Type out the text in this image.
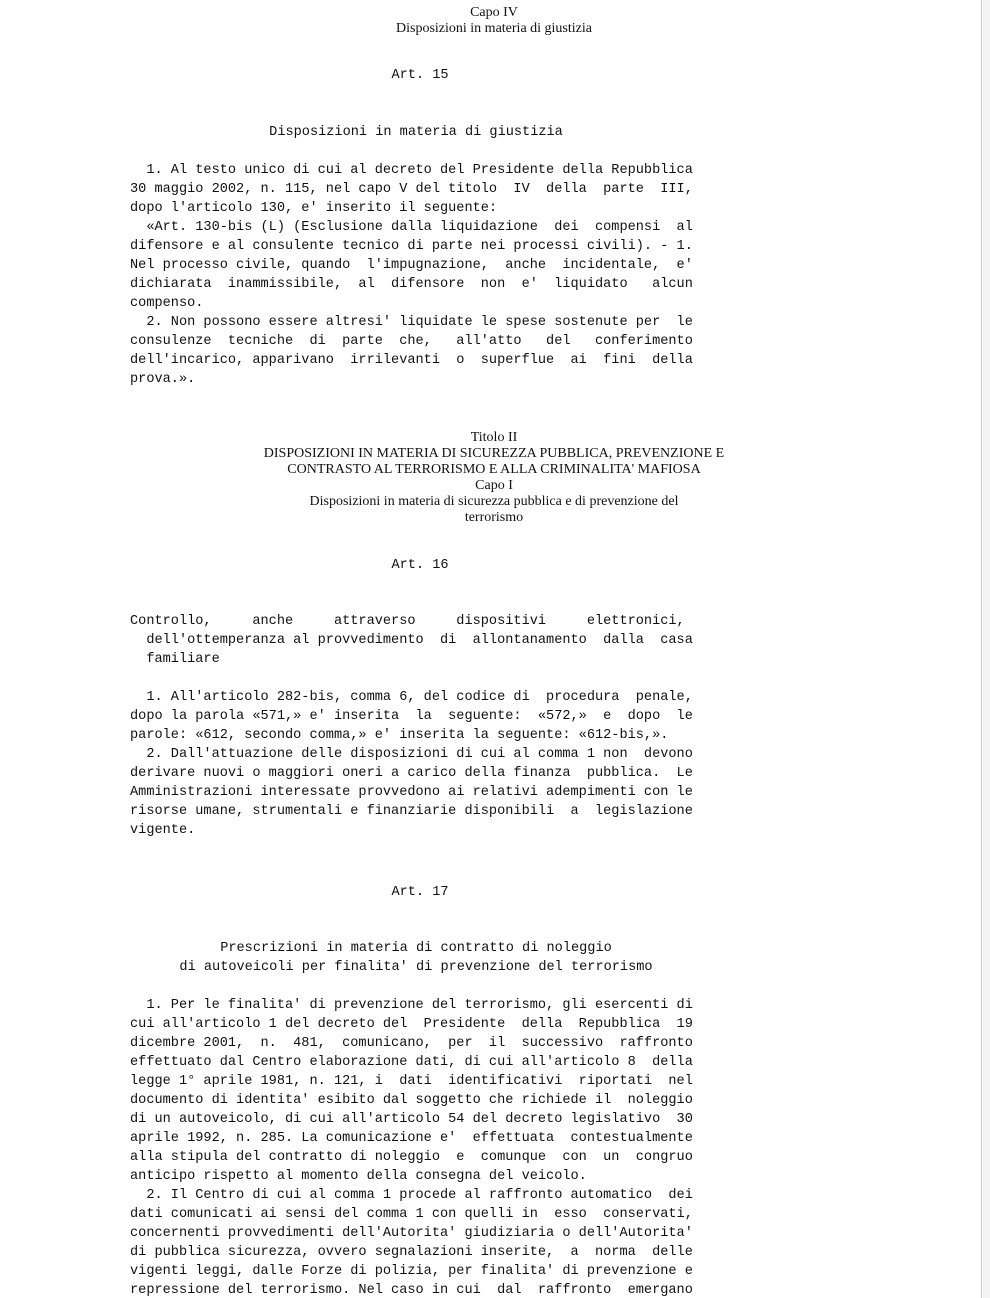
Capo IV
Disposizioni in materia di giustizia
Art. 15
Disposizioni in materia di giustizia
1. Al testo unico di cui al decreto del Presidente della Repubblica
30 maggio 2002, n. 115, nel capo V del titolo  IV  della  parte  III,
dopo l'articolo 130, e' inserito il seguente:
«Art. 130-bis (L) (Esclusione dalla liquidazione  dei  compensi  al
difensore e al consulente tecnico di parte nei processi civili). - 1.
Nel processo civile, quando  l'impugnazione,  anche  incidentale,  e'
dichiarata  inammissibile,  al  difensore  non  e'  liquidato   alcun
compenso.
2. Non possono essere altresi' liquidate le spese sostenute per  le
consulenze  tecniche  di  parte  che,   all'atto   del   conferimento
dell'incarico, apparivano  irrilevanti  o  superflue  ai  fini  della
prova.».
Titolo II
DISPOSIZIONI IN MATERIA DI SICUREZZA PUBBLICA, PREVENZIONE E
CONTRASTO AL TERRORISMO E ALLA CRIMINALITA' MAFIOSA
Capo I
Disposizioni in materia di sicurezza pubblica e di prevenzione del
terrorismo
Art. 16
Controllo,     anche     attraverso     dispositivi     elettronici,
dell'ottemperanza al provvedimento  di  allontanamento  dalla  casa
familiare
1. All'articolo 282-bis, comma 6, del codice di  procedura  penale,
dopo la parola «571,» e' inserita  la  seguente:  «572,»  e  dopo  le
parole: «612, secondo comma,» e' inserita la seguente: «612-bis,».
2. Dall'attuazione delle disposizioni di cui al comma 1 non  devono
derivare nuovi o maggiori oneri a carico della finanza  pubblica.  Le
Amministrazioni interessate provvedono ai relativi adempimenti con le
risorse umane, strumentali e finanziarie disponibili  a  legislazione
vigente.
Art. 17
Prescrizioni in materia di contratto di noleggio
di autoveicoli per finalita' di prevenzione del terrorismo
1. Per le finalita' di prevenzione del terrorismo, gli esercenti di
cui all'articolo 1 del decreto del  Presidente  della  Repubblica  19
dicembre 2001,  n.  481,  comunicano,  per  il  successivo  raffronto
effettuato dal Centro elaborazione dati, di cui all'articolo 8  della
legge 1° aprile 1981, n. 121, i  dati  identificativi  riportati  nel
documento di identita' esibito dal soggetto che richiede il  noleggio
di un autoveicolo, di cui all'articolo 54 del decreto legislativo  30
aprile 1992, n. 285. La comunicazione e'  effettuata  contestualmente
alla stipula del contratto di noleggio  e  comunque  con  un  congruo
anticipo rispetto al momento della consegna del veicolo.
2. Il Centro di cui al comma 1 procede al raffronto automatico  dei
dati comunicati ai sensi del comma 1 con quelli in  esso  conservati,
concernenti provvedimenti dell'Autorita' giudiziaria o dell'Autorita'
di pubblica sicurezza, ovvero segnalazioni inserite,  a  norma  delle
vigenti leggi, dalle Forze di polizia, per finalita' di prevenzione e
repressione del terrorismo. Nel caso in cui  dal  raffronto  emergano
